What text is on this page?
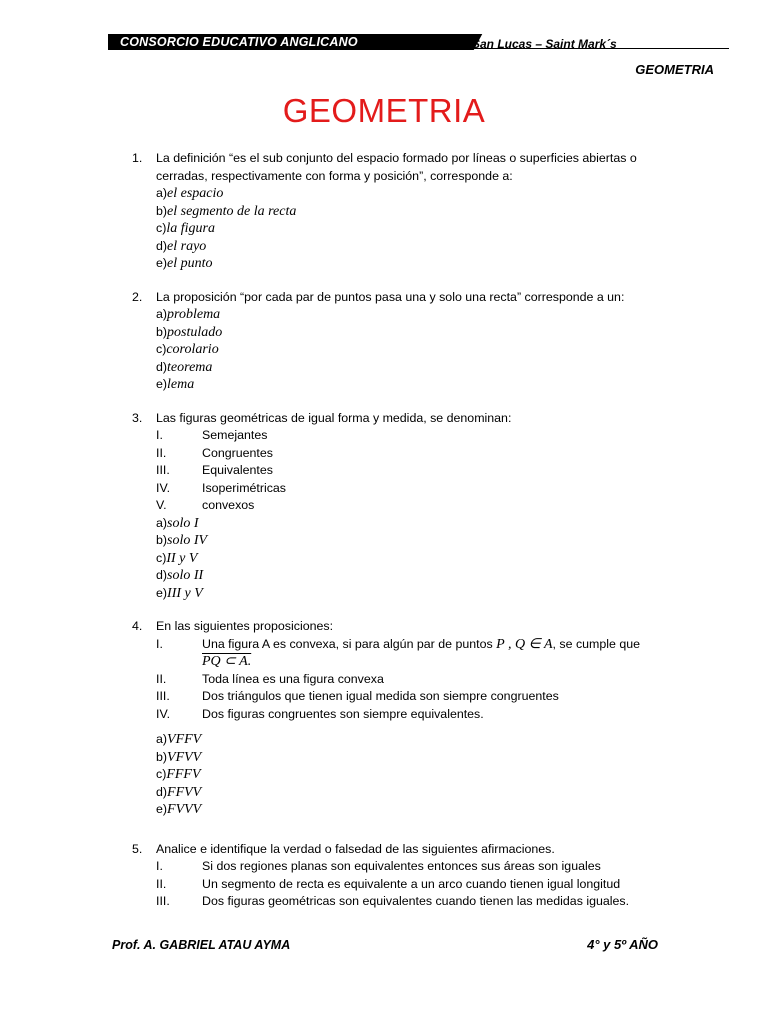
CONSORCIO EDUCATIVO ANGLICANO	San Lucas – Saint Mark´s
GEOMETRIA
GEOMETRIA
1.	La definición “es el sub conjunto del espacio formado por líneas o superficies abiertas o cerradas, respectivamente con forma y posición”, corresponde a:
a)el espacio
b)el segmento de la recta
c)la figura
d)el rayo
e)el punto
2.	La proposición “por cada par de puntos pasa una y solo una recta” corresponde a un:
a)problema
b)postulado
c)corolario
d)teorema
e)lema
3.	Las figuras geométricas de igual forma y medida, se denominan:
I.	Semejantes
II.	Congruentes
III.	Equivalentes
IV.	Isoperimétricas
V.	convexos
a)solo I
b)solo IV
c)II y V
d)solo II
e)III y V
4.	En las siguientes proposiciones:
I.	Una figura A es convexa, si para algún par de puntos P , Q ∈ A, se cumple que
PQ ⊂ A.
II.	Toda línea es una figura convexa
III.	Dos triángulos que tienen igual medida son siempre congruentes
IV.	Dos figuras congruentes son siempre equivalentes.
a)VFFV
b)VFVV
c)FFFV
d)FFVV
e)FVVV
5.	Analice e identifique la verdad o falsedad de las siguientes afirmaciones.
I.	Si dos regiones planas son equivalentes entonces sus áreas son iguales
II.	Un segmento de recta es equivalente a un arco cuando tienen igual longitud
III.	Dos figuras geométricas son equivalentes cuando tienen las medidas iguales.
Prof. A. GABRIEL ATAU AYMA	4° y 5º AÑO
